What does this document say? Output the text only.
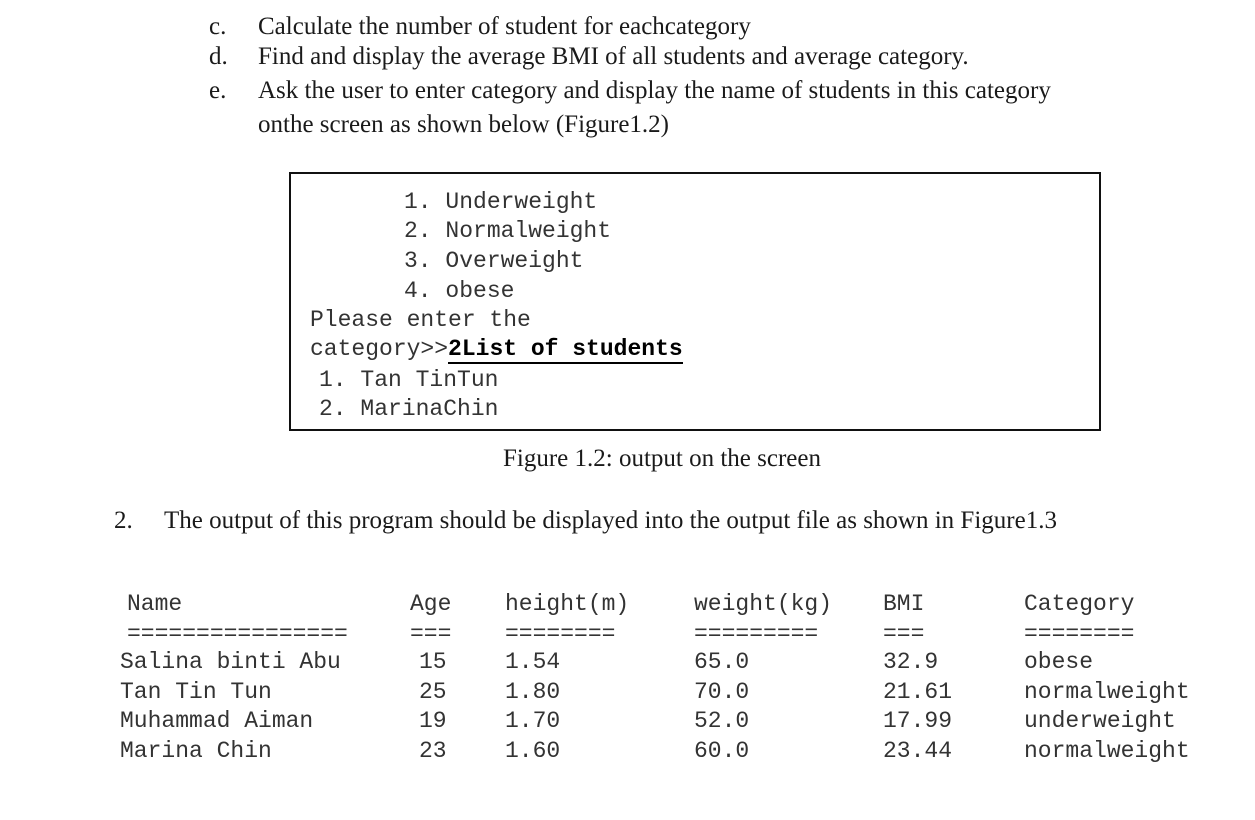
c. Calculate the number of student for eachcategory
d. Find and display the average BMI of all students and average category.
e. Ask the user to enter category and display the name of students in this category
onthe screen as shown below (Figure1.2)
1. Underweight
2. Normalweight
3. Overweight
4. obese
Please enter the
category>>2List of students
1. Tan TinTun
2. MarinaChin
Figure 1.2: output on the screen
2. The output of this program should be displayed into the output file as shown in Figure1.3
Name	Age height(m)	weight(kg) BMI	Category
================	=== ========	=========	===	========
Salina binti Abu	15	1.54	65.0	32.9	obese
Tan Tin Tun	25	1.80	70.0	21.61	normalweight
Muhammad Aiman	19	1.70	52.0	17.99	underweight
Marina Chin	23	1.60	60.0	23.44	normalweight
